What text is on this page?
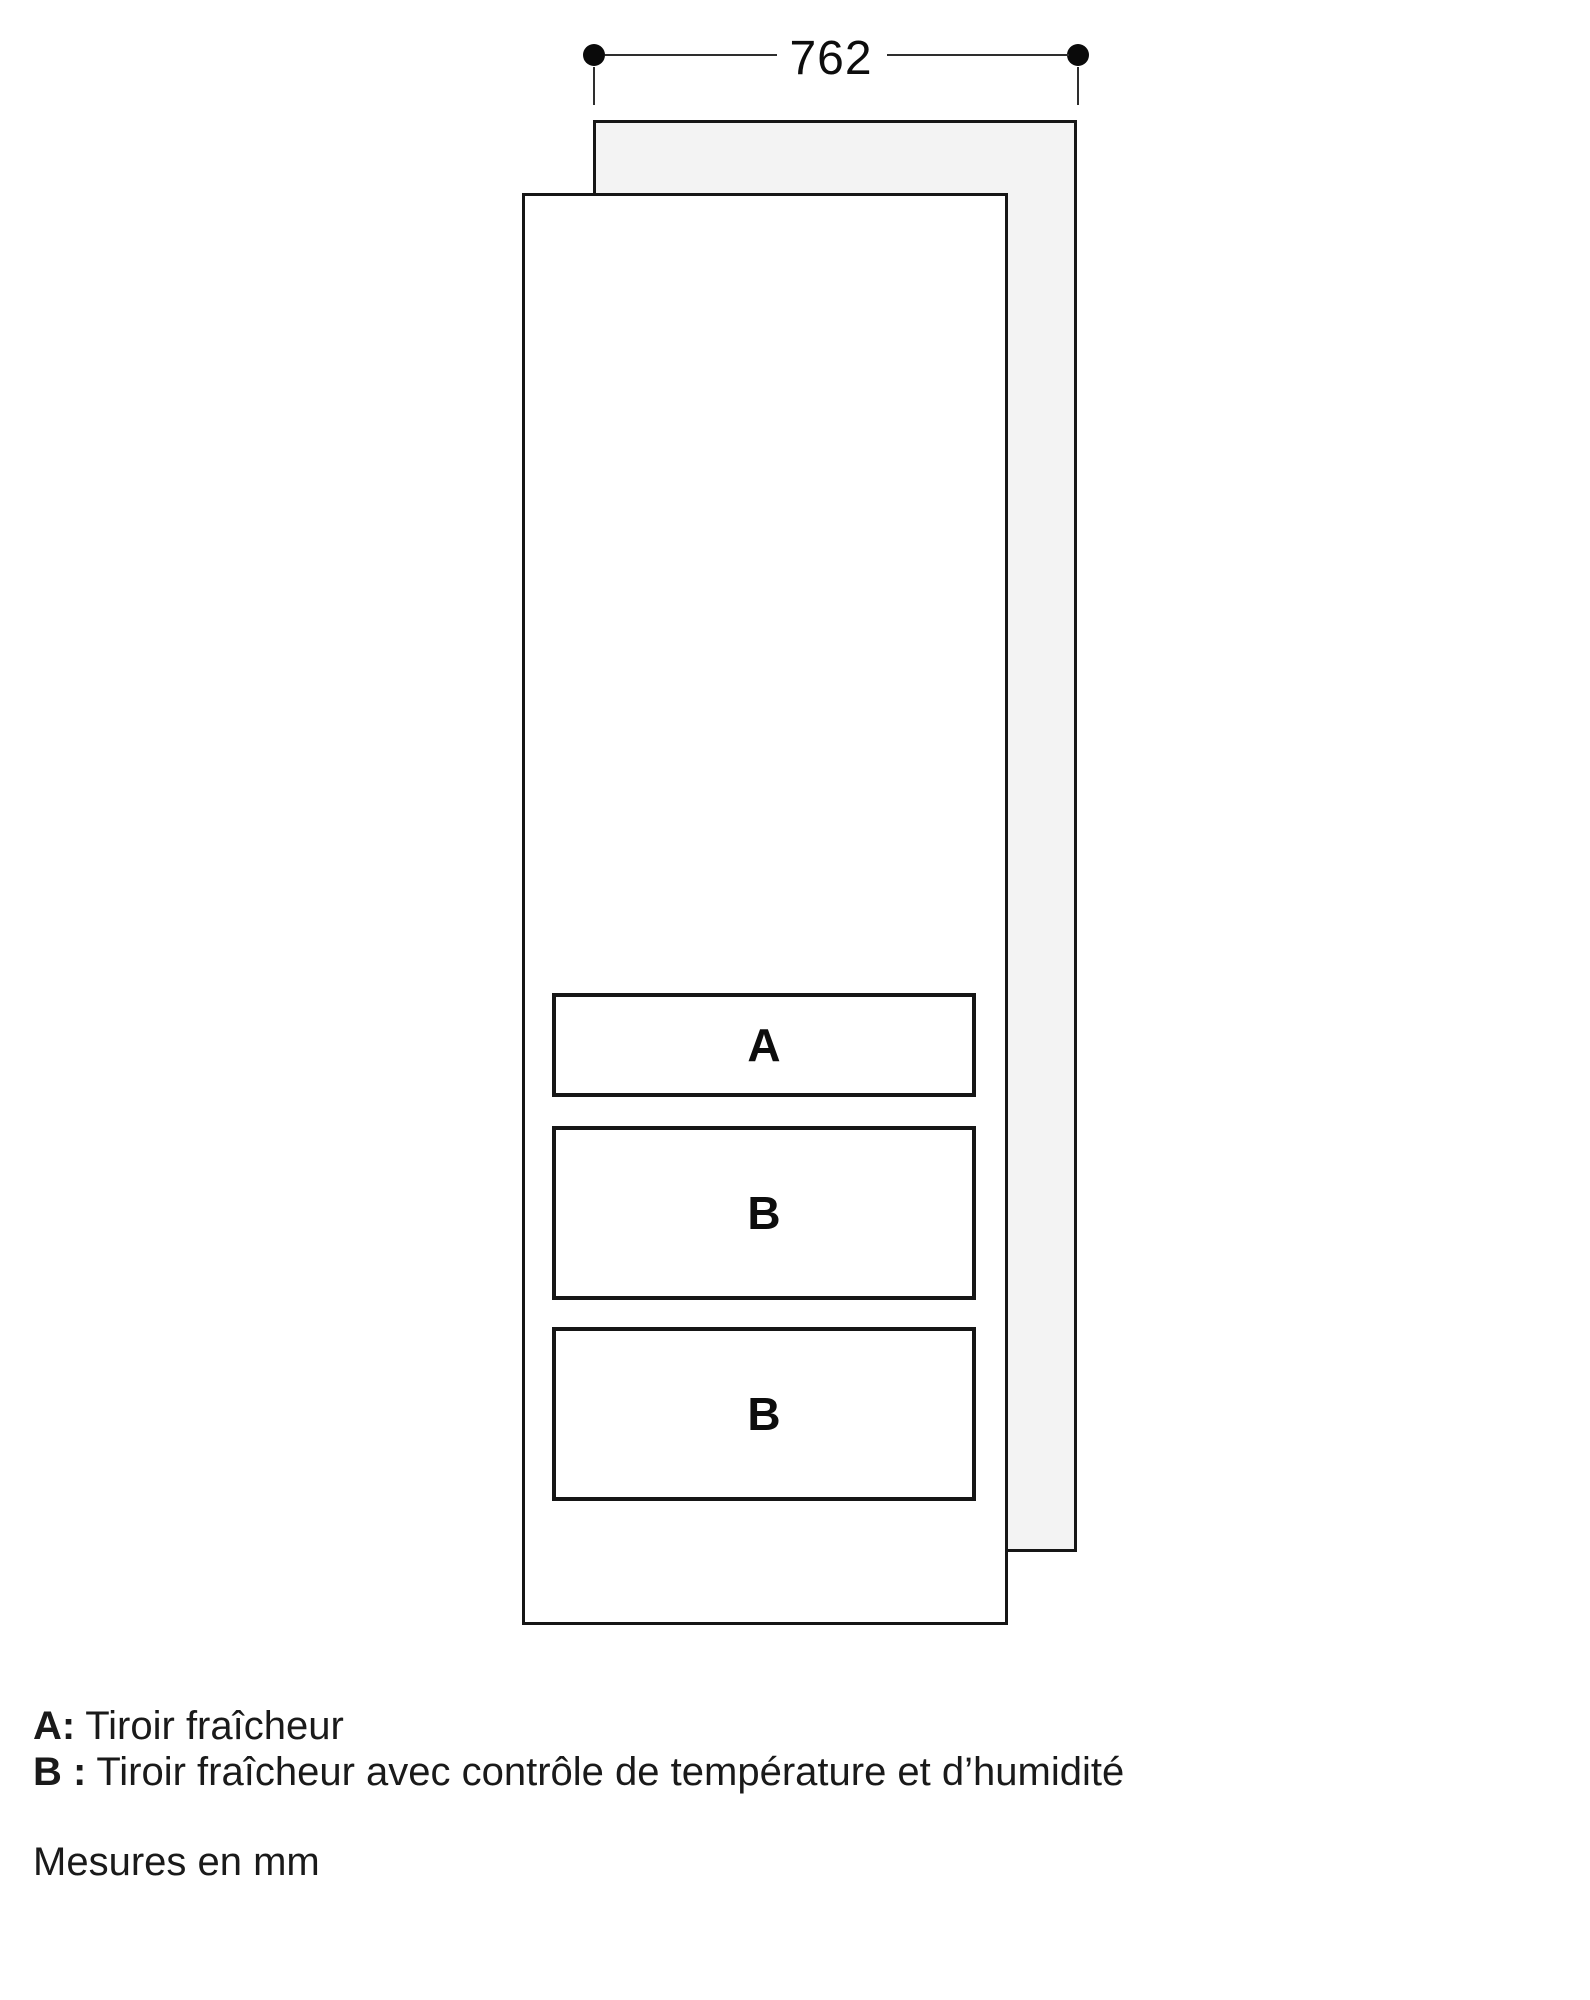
A
B
B
762
A: Tiroir fraîcheur
B : Tiroir fraîcheur avec contrôle de température et d’humidité
Mesures en mm
